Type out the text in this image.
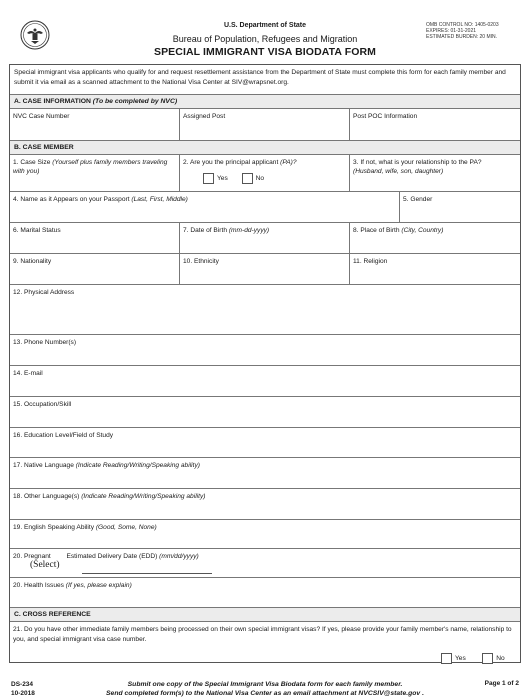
U.S. Department of State
Bureau of Population, Refugees and Migration
SPECIAL IMMIGRANT VISA BIODATA FORM
OMB CONTROL NO: 1405-0203
EXPIRES: 01-31-2021
ESTIMATED BURDEN: 20 MIN.
Special immigrant visa applicants who qualify for and request resettlement assistance from the Department of State must complete this form for each family member and submit it via email as a scanned attachment to the National Visa Center at SIV@wrapsnet.org.
A. CASE INFORMATION (To be completed by NVC)
NVC Case Number	Assigned Post	Post POC Information
B. CASE MEMBER
1. Case Size (Yourself plus family members traveling with you)
2. Are you the principal applicant (PA)?
Yes	No
3. If not, what is your relationship to the PA?
(Husband, wife, son, daughter)
4. Name as it Appears on your Passport (Last, First, Middle)	5. Gender
6. Marital Status	7. Date of Birth (mm-dd-yyyy)	8. Place of Birth (City, Country)
9. Nationality	10. Ethnicity	11. Religion
12. Physical Address
13. Phone Number(s)
14. E-mail
15. Occupation/Skill
16. Education Level/Field of Study
17. Native Language (Indicate Reading/Writing/Speaking ability)
18. Other Language(s) (Indicate Reading/Writing/Speaking ability)
19. English Speaking Ability (Good, Some, None)
20. Pregnant Estimated Delivery Date (EDD) (mm/dd/yyyy)
(Select)
20. Health Issues (If yes, please explain)
C. CROSS REFERENCE
21. Do you have other immediate family members being processed on their own special immigrant visas? If yes, please provide your family member's name, relationship to you, and special immigrant visa case number.
Yes	No
DS-234
10-2018
Submit one copy of the Special Immigrant Visa Biodata form for each family member.
Send completed form(s) to the National Visa Center as an email attachment at NVCSIV@state.gov .
Page 1 of 2
